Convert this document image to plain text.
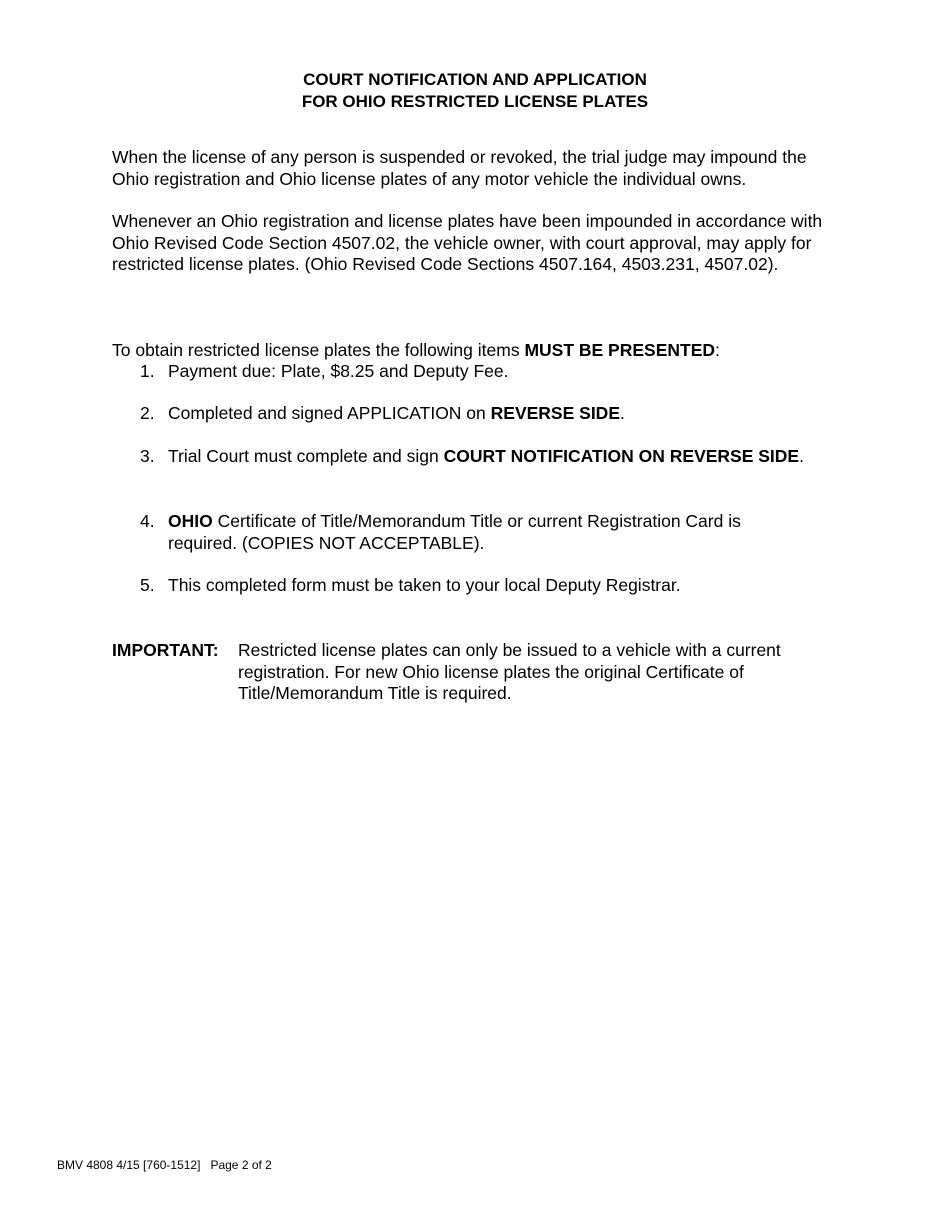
COURT NOTIFICATION AND APPLICATION
FOR OHIO RESTRICTED LICENSE PLATES

When the license of any person is suspended or revoked, the trial judge may impound the Ohio registration and Ohio license plates of any motor vehicle the individual owns.

Whenever an Ohio registration and license plates have been impounded in accordance with Ohio Revised Code Section 4507.02, the vehicle owner, with court approval, may apply for restricted license plates. (Ohio Revised Code Sections 4507.164, 4503.231, 4507.02).

To obtain restricted license plates the following items MUST BE PRESENTED:

1. Payment due: Plate, $8.25 and Deputy Fee.
2. Completed and signed APPLICATION on REVERSE SIDE.
3. Trial Court must complete and sign COURT NOTIFICATION ON REVERSE SIDE.
4. OHIO Certificate of Title/Memorandum Title or current Registration Card is required. (COPIES NOT ACCEPTABLE).
5. This completed form must be taken to your local Deputy Registrar.
IMPORTANT: Restricted license plates can only be issued to a vehicle with a current registration. For new Ohio license plates the original Certificate of Title/Memorandum Title is required.
BMV 4808 4/15 [760-1512] Page 2 of 2
